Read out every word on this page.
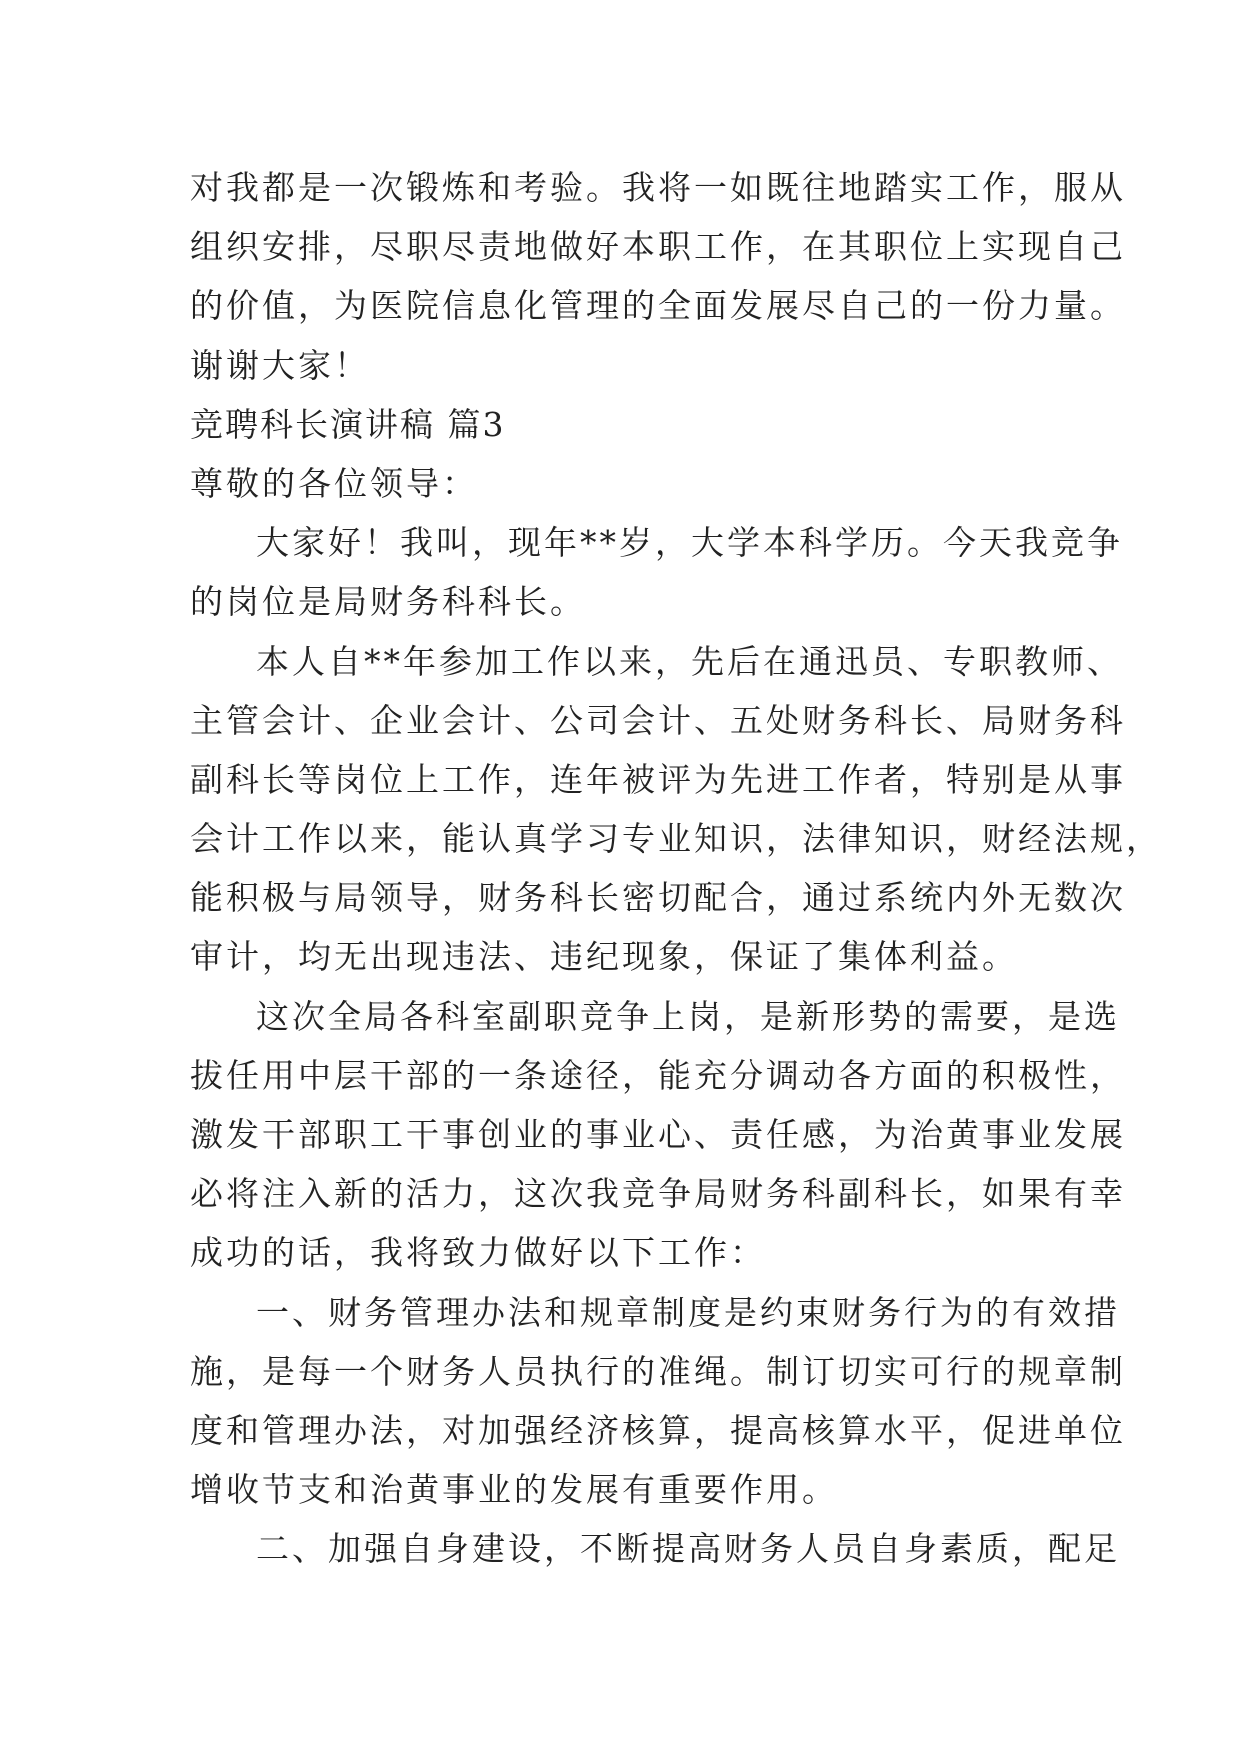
对我都是一次锻炼和考验。我将一如既往地踏实工作，服从
组织安排，尽职尽责地做好本职工作，在其职位上实现自己
的价值，为医院信息化管理的全面发展尽自己的一份力量。
谢谢大家！
竞聘科长演讲稿 篇3
尊敬的各位领导：
大家好！我叫，现年**岁，大学本科学历。今天我竞争
的岗位是局财务科科长。
本人自**年参加工作以来，先后在通迅员、专职教师、
主管会计、企业会计、公司会计、五处财务科长、局财务科
副科长等岗位上工作，连年被评为先进工作者，特别是从事
会计工作以来，能认真学习专业知识，法律知识，财经法规，
能积极与局领导，财务科长密切配合，通过系统内外无数次
审计，均无出现违法、违纪现象，保证了集体利益。
这次全局各科室副职竞争上岗，是新形势的需要，是选
拔任用中层干部的一条途径，能充分调动各方面的积极性，
激发干部职工干事创业的事业心、责任感，为治黄事业发展
必将注入新的活力，这次我竞争局财务科副科长，如果有幸
成功的话，我将致力做好以下工作：
一、财务管理办法和规章制度是约束财务行为的有效措
施，是每一个财务人员执行的准绳。制订切实可行的规章制
度和管理办法，对加强经济核算，提高核算水平，促进单位
增收节支和治黄事业的发展有重要作用。
二、加强自身建设，不断提高财务人员自身素质，配足
